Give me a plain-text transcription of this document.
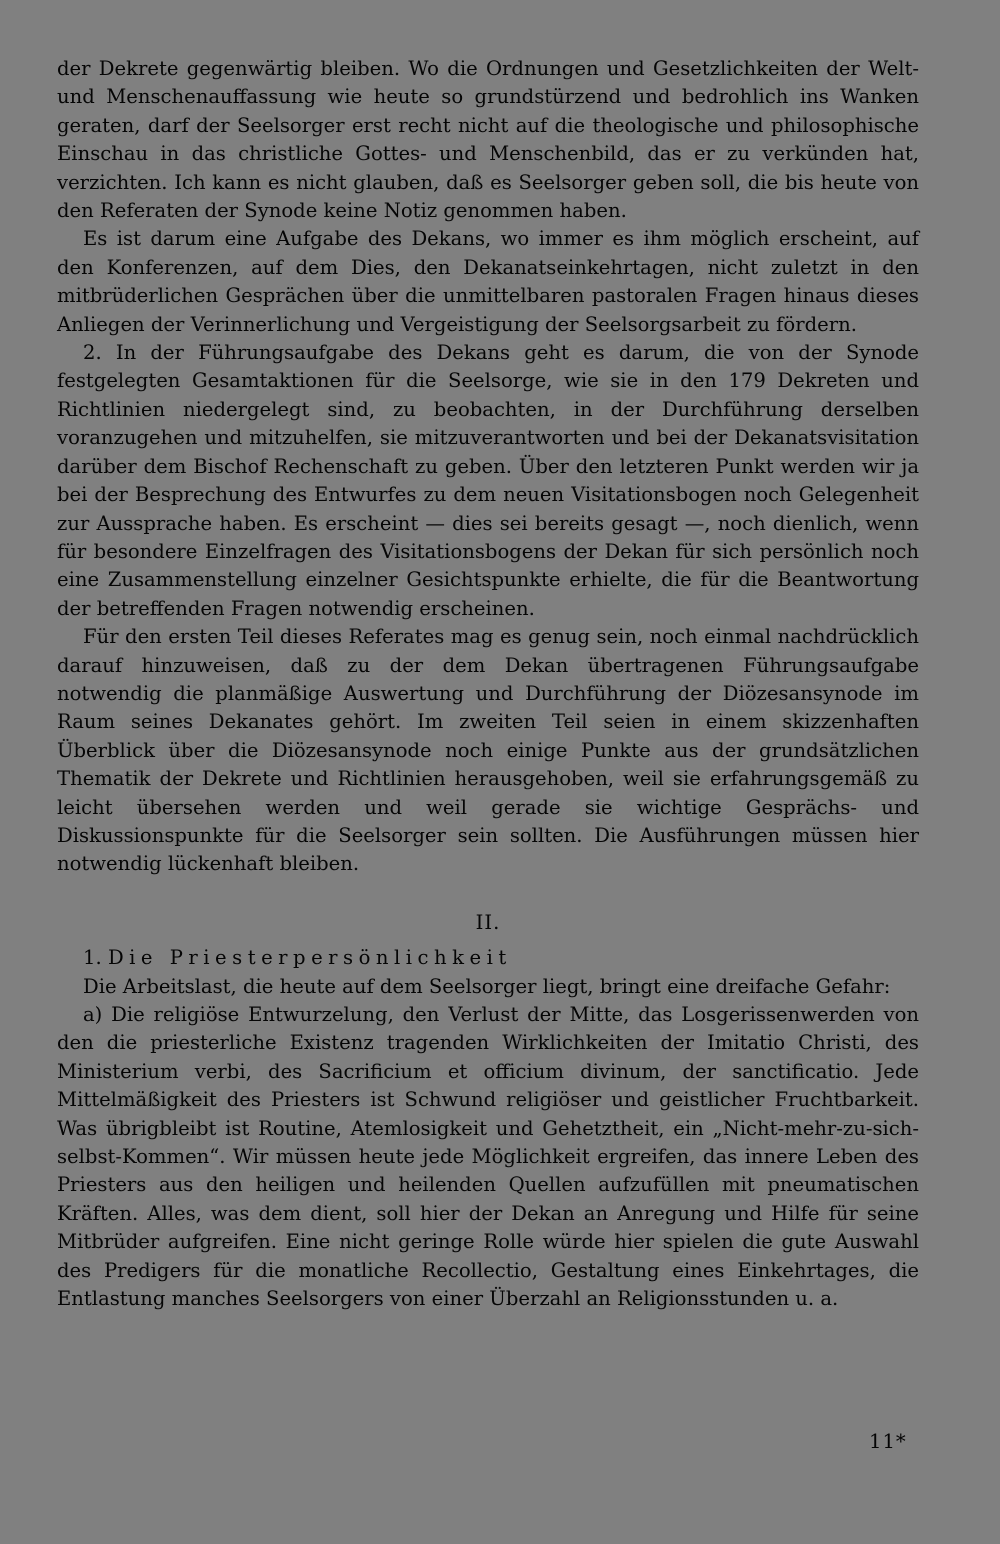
der Dekrete gegenwärtig bleiben. Wo die Ordnungen und Gesetzlichkeiten der Welt- und Menschenauffassung wie heute so grundstürzend und bedrohlich ins Wanken geraten, darf der Seelsorger erst recht nicht auf die theologische und philosophische Einschau in das christliche Gottes- und Menschenbild, das er zu verkünden hat, verzichten. Ich kann es nicht glauben, daß es Seelsorger geben soll, die bis heute von den Referaten der Synode keine Notiz genommen haben.

Es ist darum eine Aufgabe des Dekans, wo immer es ihm möglich erscheint, auf den Konferenzen, auf dem Dies, den Dekanatseinkehrtagen, nicht zuletzt in den mitbrüderlichen Gesprächen über die unmittelbaren pastoralen Fragen hinaus dieses Anliegen der Verinnerlichung und Vergeistigung der Seelsorgsarbeit zu fördern.

2. In der Führungsaufgabe des Dekans geht es darum, die von der Synode festgelegten Gesamtaktionen für die Seelsorge, wie sie in den 179 Dekreten und Richtlinien niedergelegt sind, zu beobachten, in der Durchführung derselben voranzugehen und mitzuhelfen, sie mitzuverantworten und bei der Dekanatsvisitation darüber dem Bischof Rechenschaft zu geben. Über den letzteren Punkt werden wir ja bei der Besprechung des Entwurfes zu dem neuen Visitationsbogen noch Gelegenheit zur Aussprache haben. Es erscheint — dies sei bereits gesagt —, noch dienlich, wenn für besondere Einzelfragen des Visitationsbogens der Dekan für sich persönlich noch eine Zusammenstellung einzelner Gesichtspunkte erhielte, die für die Beantwortung der betreffenden Fragen notwendig erscheinen.

Für den ersten Teil dieses Referates mag es genug sein, noch einmal nachdrücklich darauf hinzuweisen, daß zu der dem Dekan übertragenen Führungsaufgabe notwendig die planmäßige Auswertung und Durchführung der Diözesansynode im Raum seines Dekanates gehört. Im zweiten Teil seien in einem skizzenhaften Überblick über die Diözesansynode noch einige Punkte aus der grundsätzlichen Thematik der Dekrete und Richtlinien herausgehoben, weil sie erfahrungsgemäß zu leicht übersehen werden und weil gerade sie wichtige Gesprächs- und Diskussionspunkte für die Seelsorger sein sollten. Die Ausführungen müssen hier notwendig lückenhaft bleiben.

II.

1. Die Priesterpersönlichkeit

Die Arbeitslast, die heute auf dem Seelsorger liegt, bringt eine dreifache Gefahr:

a) Die religiöse Entwurzelung, den Verlust der Mitte, das Losgerissenwerden von den die priesterliche Existenz tragenden Wirklichkeiten der Imitatio Christi, des Ministerium verbi, des Sacrificium et officium divinum, der sanctificatio. Jede Mittelmäßigkeit des Priesters ist Schwund religiöser und geistlicher Fruchtbarkeit. Was übrigbleibt ist Routine, Atemlosigkeit und Gehetztheit, ein „Nicht-mehr-zu-sich-selbst-Kommen“. Wir müssen heute jede Möglichkeit ergreifen, das innere Leben des Priesters aus den heiligen und heilenden Quellen aufzufüllen mit pneumatischen Kräften. Alles, was dem dient, soll hier der Dekan an Anregung und Hilfe für seine Mitbrüder aufgreifen. Eine nicht geringe Rolle würde hier spielen die gute Auswahl des Predigers für die monatliche Recollectio, Gestaltung eines Einkehrtages, die Entlastung manches Seelsorgers von einer Überzahl an Religionsstunden u. a.

11*
